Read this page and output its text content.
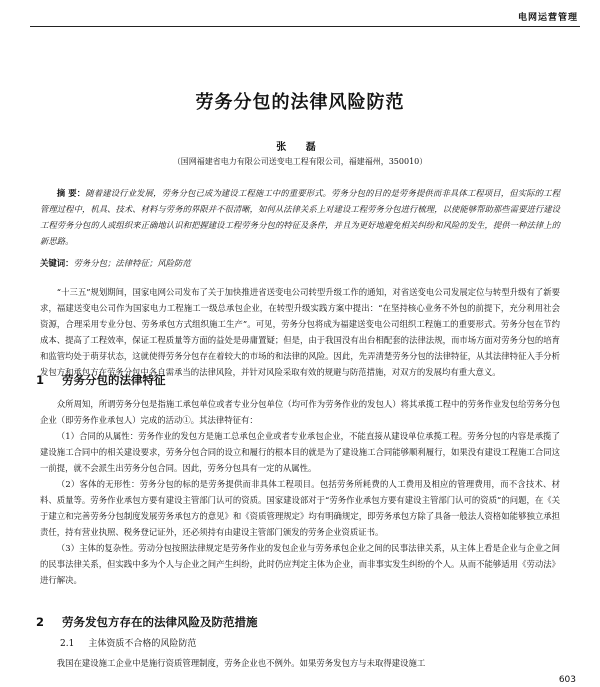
电网运营管理
劳务分包的法律风险防范
张 磊
（国网福建省电力有限公司送变电工程有限公司，福建福州，350010）
摘 要：随着建设行业发展，劳务分包已成为建设工程施工中的重要形式。劳务分包的目的是劳务提供而非具体工程项目，但实际的工程管理过程中，机具、技术、材料与劳务的界限并不很清晰，如何从法律关系上对建设工程劳务分包进行梳理，以使能够帮助那些需要进行建设工程劳务分包的人或组织来正确地认识和把握建设工程劳务分包的特征及条件，并且为更好地避免相关纠纷和风险的发生，提供一种法律上的新思路。
关键词：劳务分包；法律特征；风险防范
“十三五”规划期间，国家电网公司发布了关于加快推进省送变电公司转型升级工作的通知，对省送变电公司发展定位与转型升级有了新要求，福建送变电公司作为国家电力工程施工一级总承包企业，在转型升级实践方案中提出：“在坚持核心业务不外包的前提下，充分利用社会资源，合理采用专业分包、劳务承包方式组织施工生产”。可见，劳务分包将成为福建送变电公司组织工程施工的重要形式。劳务分包在节约成本、提高了工程效率，保证工程质量等方面的益处是毋庸置疑；但是，由于我国没有出台相配套的法律法规，而市场方面对劳务分包的培育和监管均处于萌芽状态，这就使得劳务分包存在着较大的市场的和法律的风险。因此，先弄清楚劳务分包的法律特征，从其法律特征入手分析发包方和承包方在劳务分包中各自需承当的法律风险，并针对风险采取有效的规避与防范措施，对双方的发展均有重大意义。
1 劳务分包的法律特征

众所周知，所谓劳务分包是指施工承包单位或者专业分包单位（均可作为劳务作业的发包人）将其承揽工程中的劳务作业发包给劳务分包企业（即劳务作业承包人）完成的活动①。其法律特征有：

（1）合同的从属性：劳务作业的发包方是施工总承包企业或者专业承包企业，不能直接从建设单位承揽工程。劳务分包的内容是承揽了建设施工合同中的相关建设要求，劳务分包合同的设立和履行的根本目的就是为了建设施工合同能够顺利履行，如果没有建设工程施工合同这一前提，就不会派生出劳务分包合同。因此，劳务分包具有一定的从属性。

（2）客体的无形性：劳务分包的标的是劳务提供而非具体工程项目。包括劳务所耗费的人工费用及相应的管理费用，而不含技术、材料、质量等。劳务作业承包方要有建设主管部门认可的资质。国家建设部对于“劳务作业承包方要有建设主管部门认可的资质”的问题，在《关于建立和完善劳务分包制度发展劳务承包方的意见》和《资质管理规定》均有明确规定，即劳务承包方除了具备一般法人资格如能够独立承担责任，持有营业执照、税务登记证外，还必须持有由建设主管部门颁发的劳务企业资质证书。

（3）主体的复杂性。劳动分包按照法律规定是劳务作业的发包企业与劳务承包企业之间的民事法律关系，从主体上看是企业与企业之间的民事法律关系，但实践中多为个人与企业之间产生纠纷，此时仍应判定主体为企业，而非事实发生纠纷的个人。从而不能够适用《劳动法》进行解决。

2 劳务发包方存在的法律风险及防范措施
2.1 主体资质不合格的风险防范
我国在建设施工企业中是施行资质管理制度，劳务企业也不例外。如果劳务发包方与未取得建设施工
603
